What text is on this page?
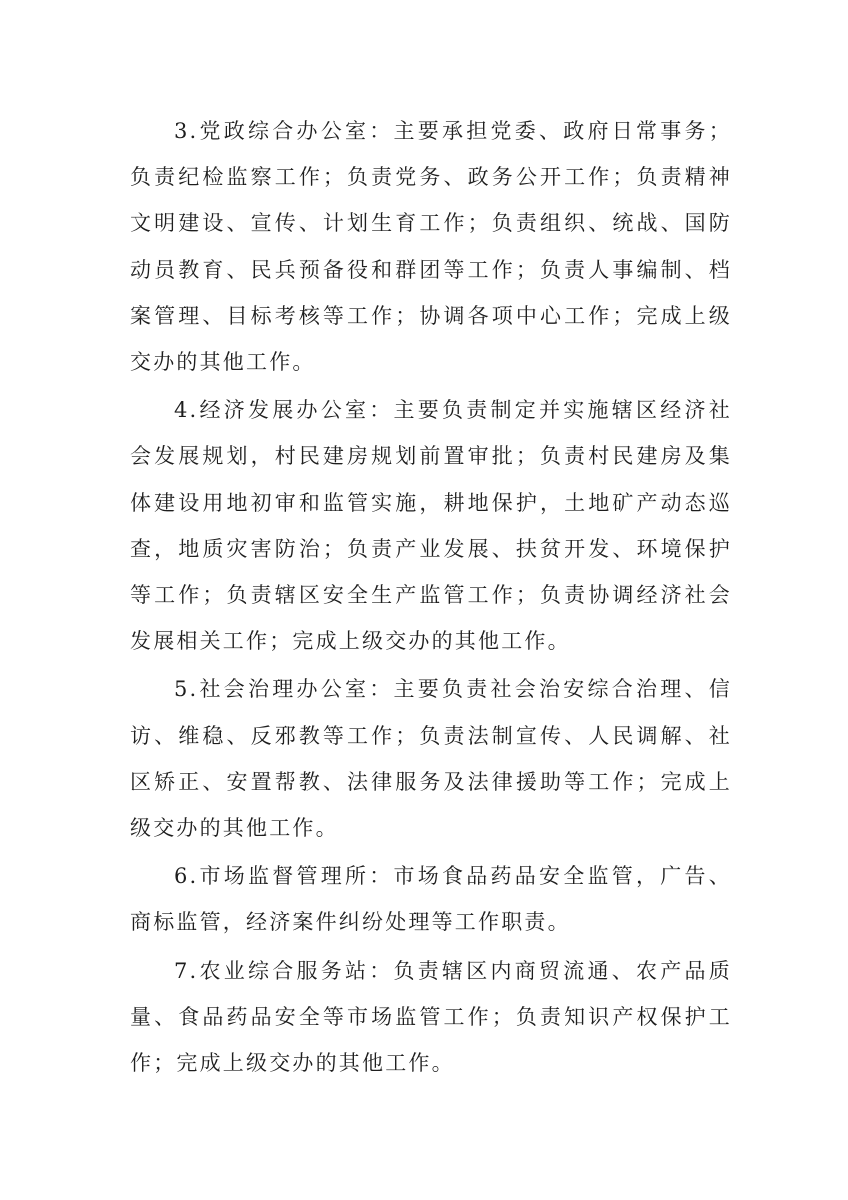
3.党政综合办公室：主要承担党委、政府日常事务；负责纪检监察工作；负责党务、政务公开工作；负责精神文明建设、宣传、计划生育工作；负责组织、统战、国防动员教育、民兵预备役和群团等工作；负责人事编制、档案管理、目标考核等工作；协调各项中心工作；完成上级交办的其他工作。

4.经济发展办公室：主要负责制定并实施辖区经济社会发展规划，村民建房规划前置审批；负责村民建房及集体建设用地初审和监管实施，耕地保护，土地矿产动态巡查，地质灾害防治；负责产业发展、扶贫开发、环境保护等工作；负责辖区安全生产监管工作；负责协调经济社会发展相关工作；完成上级交办的其他工作。

5.社会治理办公室：主要负责社会治安综合治理、信访、维稳、反邪教等工作；负责法制宣传、人民调解、社区矫正、安置帮教、法律服务及法律援助等工作；完成上级交办的其他工作。

6.市场监督管理所：市场食品药品安全监管，广告、商标监管，经济案件纠纷处理等工作职责。

7.农业综合服务站：负责辖区内商贸流通、农产品质量、食品药品安全等市场监管工作；负责知识产权保护工作；完成上级交办的其他工作。
